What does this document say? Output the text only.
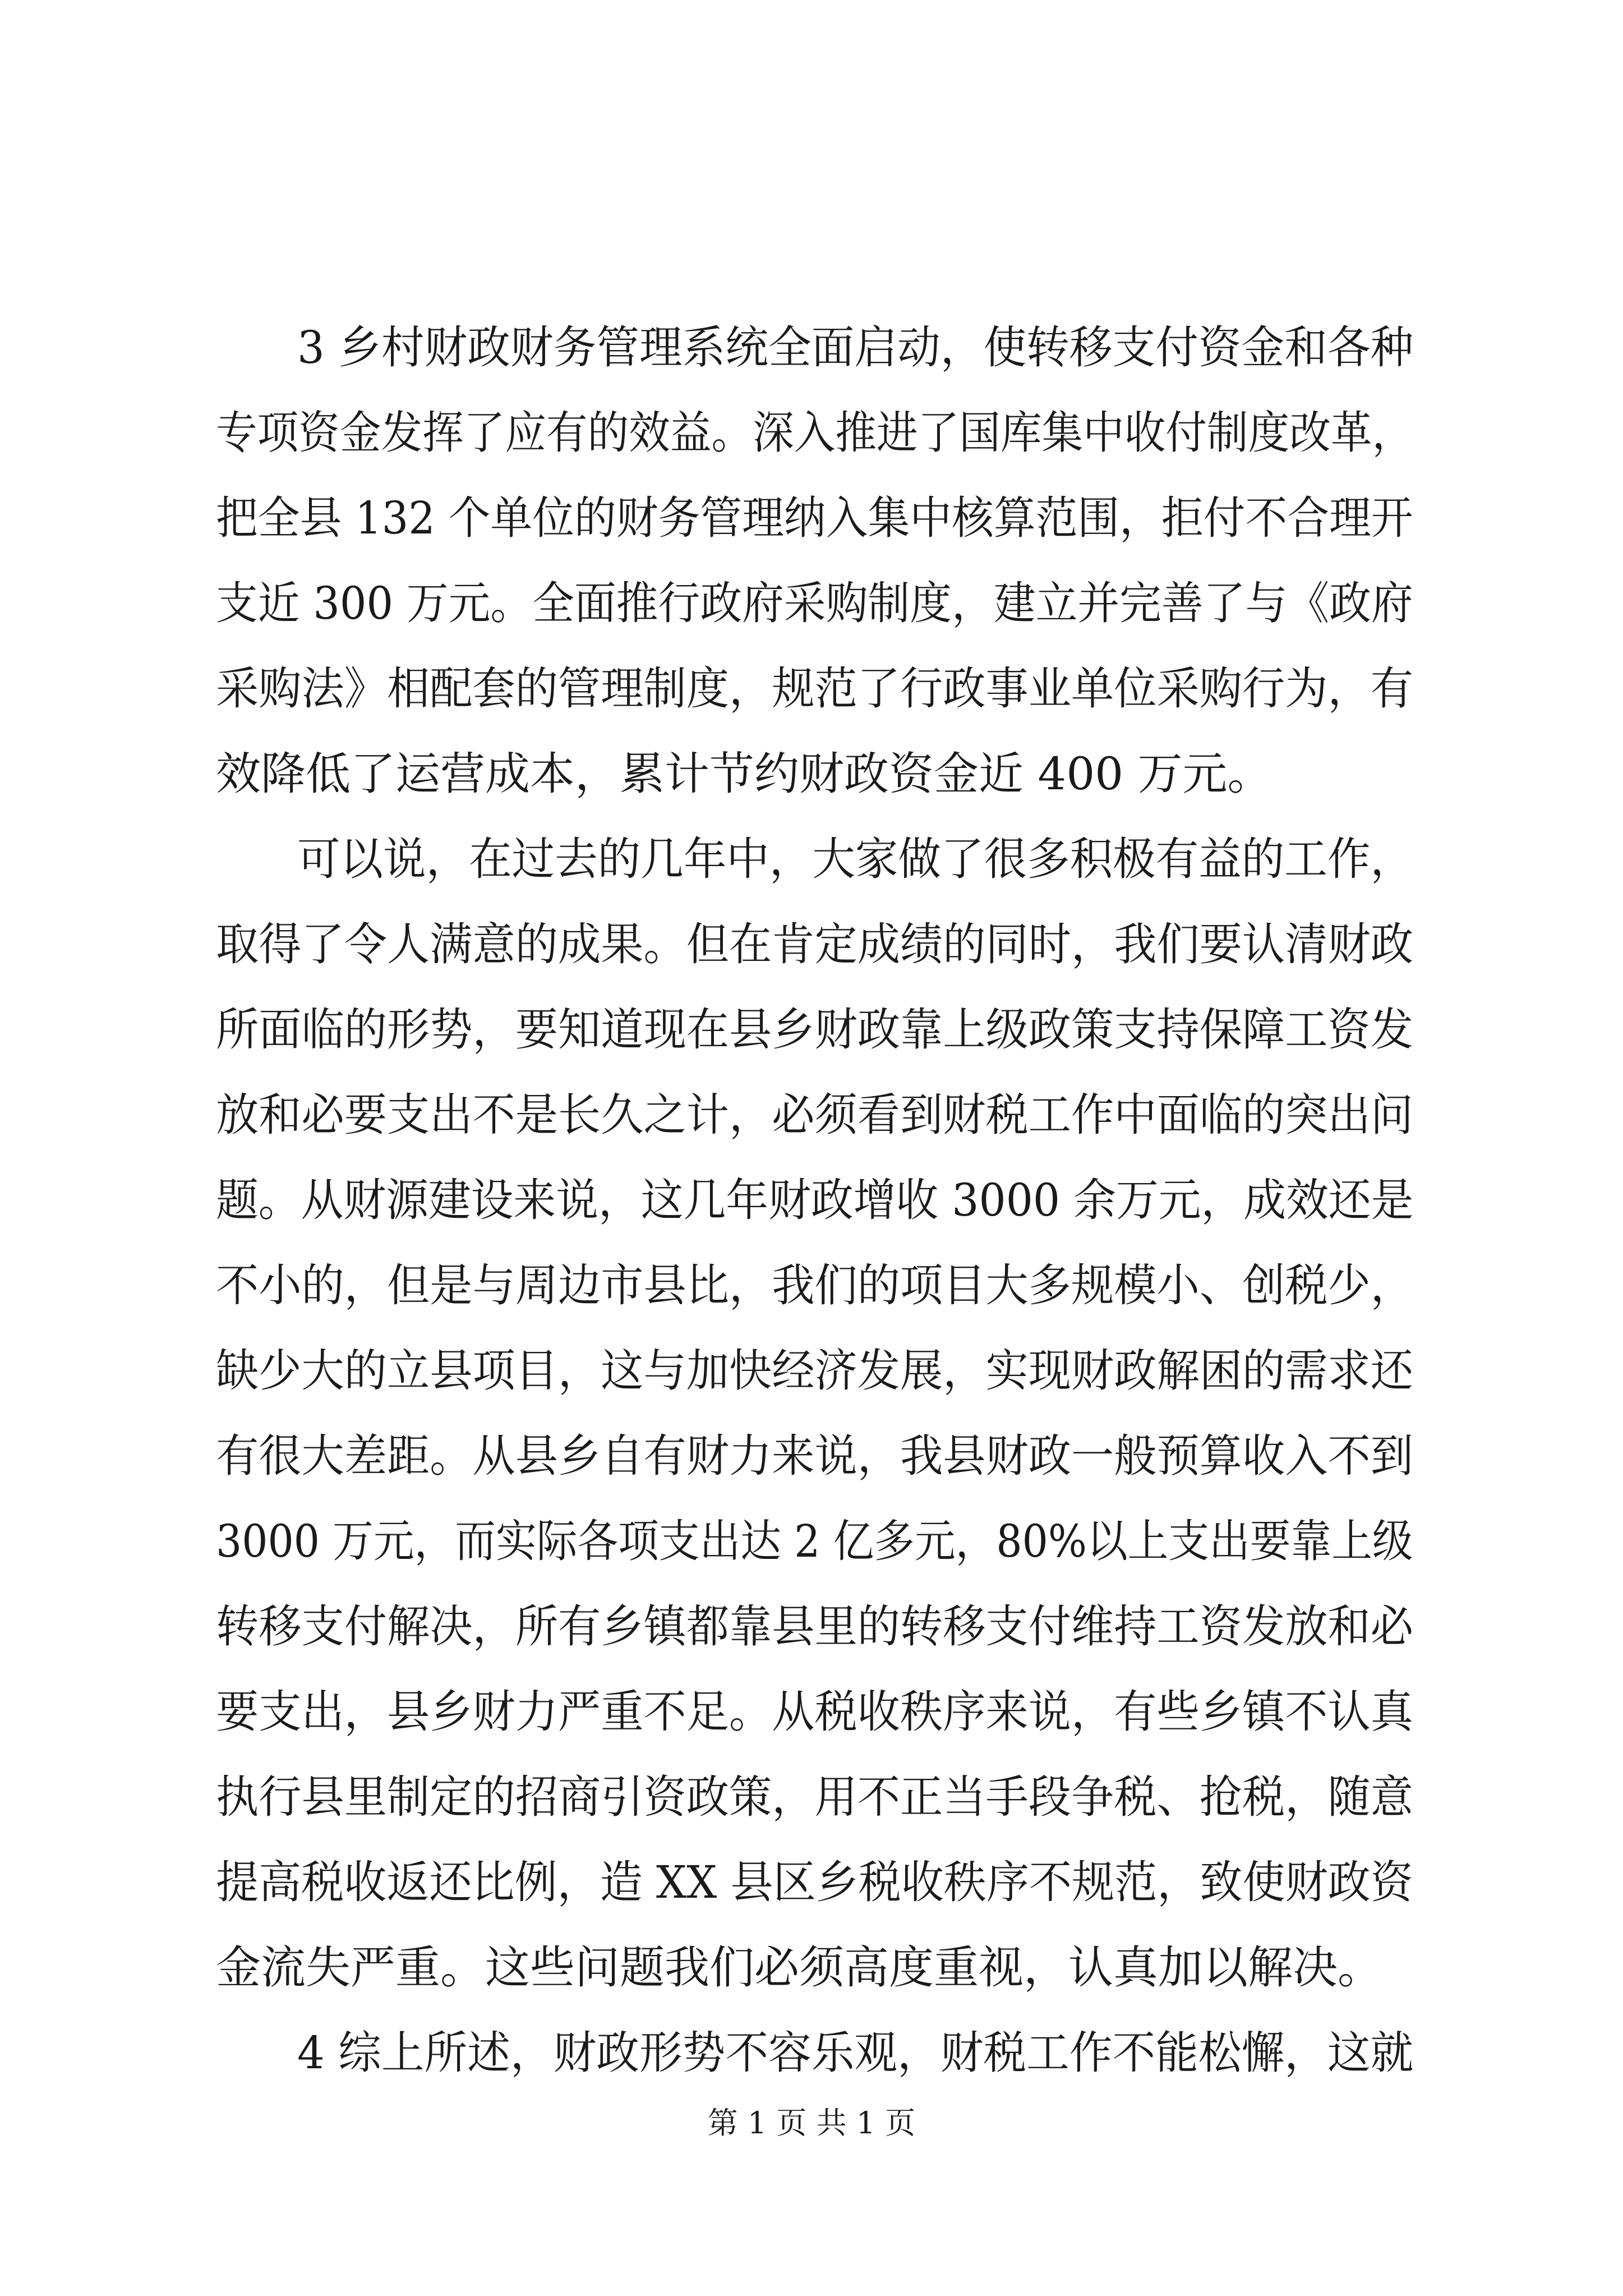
3 乡村财政财务管理系统全面启动，使转移支付资金和各种
专项资金发挥了应有的效益。深入推进了国库集中收付制度改革，
把全县 132 个单位的财务管理纳入集中核算范围，拒付不合理开
支近 300 万元。全面推行政府采购制度，建立并完善了与《政府
采购法》相配套的管理制度，规范了行政事业单位采购行为，有
效降低了运营成本，累计节约财政资金近 400 万元。
可以说，在过去的几年中，大家做了很多积极有益的工作，
取得了令人满意的成果。但在肯定成绩的同时，我们要认清财政
所面临的形势，要知道现在县乡财政靠上级政策支持保障工资发
放和必要支出不是长久之计，必须看到财税工作中面临的突出问
题。从财源建设来说，这几年财政增收 3000 余万元，成效还是
不小的，但是与周边市县比，我们的项目大多规模小、创税少，
缺少大的立县项目，这与加快经济发展，实现财政解困的需求还
有很大差距。从县乡自有财力来说，我县财政一般预算收入不到
3000 万元，而实际各项支出达 2 亿多元，80%以上支出要靠上级
转移支付解决，所有乡镇都靠县里的转移支付维持工资发放和必
要支出，县乡财力严重不足。从税收秩序来说，有些乡镇不认真
执行县里制定的招商引资政策，用不正当手段争税、抢税，随意
提高税收返还比例，造 XX 县区乡税收秩序不规范，致使财政资
金流失严重。这些问题我们必须高度重视，认真加以解决。
4 综上所述，财政形势不容乐观，财税工作不能松懈，这就
第 1 页 共 1 页
